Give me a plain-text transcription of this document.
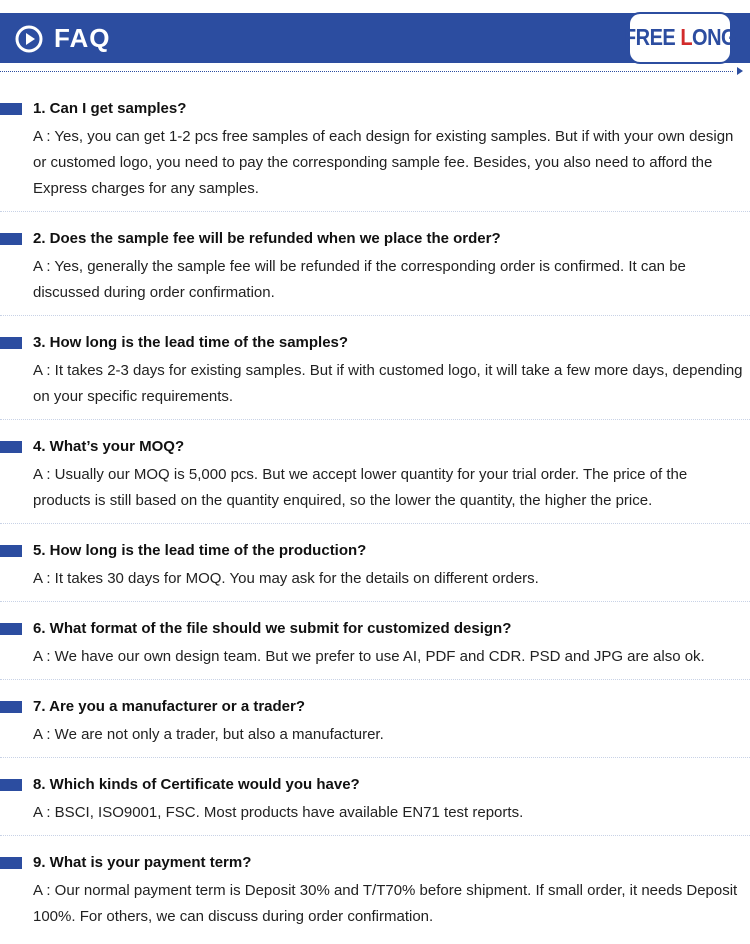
FAQ	FREE LONG
1. Can I get samples?
A : Yes, you can get 1-2 pcs free samples of each design for existing samples. But if with your own design or customed logo, you need to pay the corresponding sample fee. Besides, you also need to afford the Express charges for any samples.
2. Does the sample fee will be refunded when we place the order?
A : Yes, generally the sample fee will be refunded if the corresponding order is confirmed. It can be discussed during order confirmation.
3. How long is the lead time of the samples?
A : It takes 2-3 days for existing samples. But if with customed logo, it will take a few more days, depending on your specific requirements.
4. What’s your MOQ?
A : Usually our MOQ is 5,000 pcs. But we accept lower quantity for your trial order. The price of the products is still based on the quantity enquired, so the lower the quantity, the higher the price.
5. How long is the lead time of the production?
A : It takes 30 days for MOQ. You may ask for the details on different orders.
6. What format of the file should we submit for customized design?
A : We have our own design team. But we prefer to use AI, PDF and CDR. PSD and JPG are also ok.
7. Are you a manufacturer or a trader?
A : We are not only a trader, but also a manufacturer.
8. Which kinds of Certificate would you have?
A : BSCI, ISO9001, FSC. Most products have available EN71 test reports.
9. What is your payment term?
A : Our normal payment term is Deposit 30% and T/T70% before shipment. If small order, it needs Deposit 100%. For others, we can discuss during order confirmation.
